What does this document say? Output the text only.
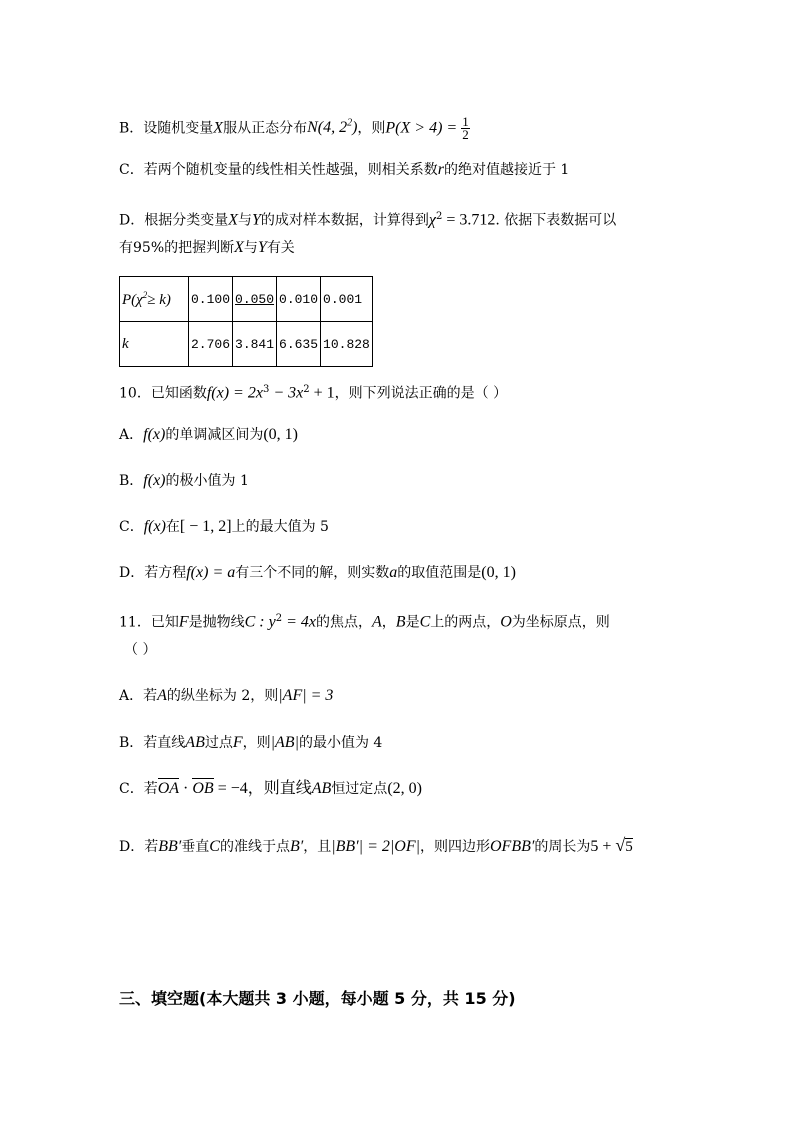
B．设随机变量X服从正态分布N(4, $2^2$)，则$P(X > 4) = \frac{1}{2}$
C．若两个随机变量的线性相关性越强，则相关系数r的绝对值越接近于 1
D．根据分类变量X与Y的成对样本数据，计算得到$\chi^2 = 3.712$. 依据下表数据可以
有95%的把握判断X与Y有关
$P(\chi^2\ge k)$	0.100	0.050	0.010	0.001
k	2.706	3.841	6.635	10.828
10．已知函数$f(x) = 2x^3 - 3x^2 + 1$，则下列说法正确的是（ ）
A．f(x)的单调减区间为(0, 1)
B．f(x)的极小值为 1
C．f(x)在[ − 1, 2]上的最大值为 5
D．若方程f(x) = a有三个不同的解，则实数a的取值范围是(0, 1)
11．已知F是抛物线C : $y^2 = 4x$的焦点，A，B是C上的两点，O为坐标原点，则
（ ）
A．若A的纵坐标为 2，则|AF| = 3
B．若直线AB过点F，则|AB|的最小值为 4
C．若OA · OB = −4，则直线AB恒过定点(2, 0)
D．若BB′垂直C的准线于点B′，且|BB′| = 2|OF|，则四边形OFBB′的周长为5 + √5
三、填空题(本大题共 3 小题，每小题 5 分，共 15 分)
